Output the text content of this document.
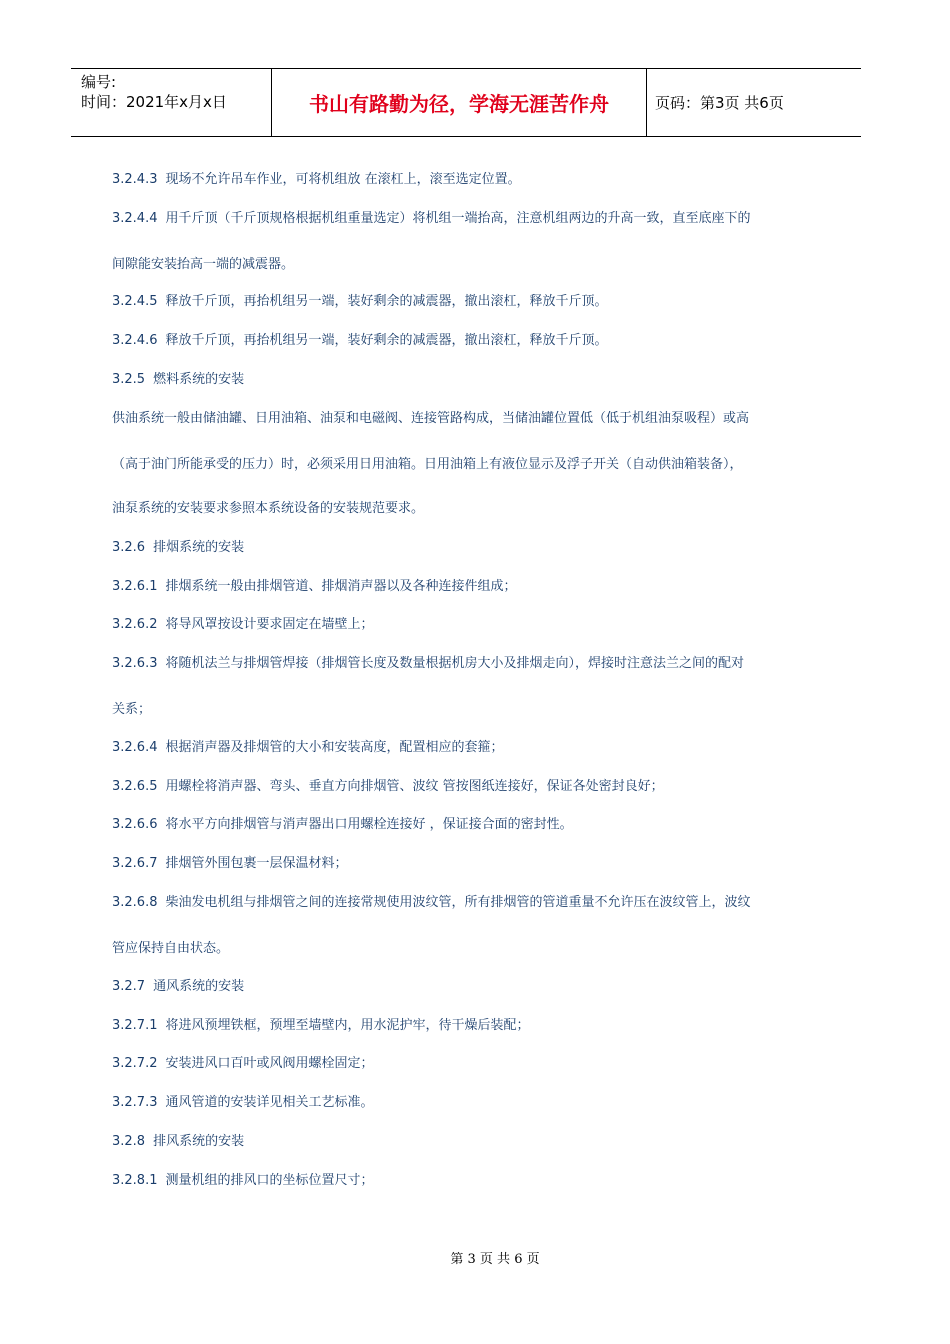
编号:
时间：2021年x月x日	书山有路勤为径，学海无涯苦作舟	页码：第3页 共6页
3.2.4.3 现场不允许吊车作业，可将机组放 在滚杠上，滚至选定位置。
3.2.4.4 用千斤顶（千斤顶规格根据机组重量选定）将机组一端抬高，注意机组两边的升高一致，直至底座下的
间隙能安装抬高一端的减震器。
3.2.4.5 释放千斤顶，再抬机组另一端，装好剩余的减震器，撤出滚杠，释放千斤顶。
3.2.4.6 释放千斤顶，再抬机组另一端，装好剩余的减震器，撤出滚杠，释放千斤顶。
3.2.5 燃料系统的安装
供油系统一般由储油罐、日用油箱、油泵和电磁阀、连接管路构成，当储油罐位置低（低于机组油泵吸程）或高
（高于油门所能承受的压力）时，必须采用日用油箱。日用油箱上有液位显示及浮子开关（自动供油箱装备），
油泵系统的安装要求参照本系统设备的安装规范要求。
3.2.6 排烟系统的安装
3.2.6.1 排烟系统一般由排烟管道、排烟消声器以及各种连接件组成；
3.2.6.2 将导风罩按设计要求固定在墙壁上；
3.2.6.3 将随机法兰与排烟管焊接（排烟管长度及数量根据机房大小及排烟走向），焊接时注意法兰之间的配对
关系；
3.2.6.4 根据消声器及排烟管的大小和安装高度，配置相应的套箍；
3.2.6.5 用螺栓将消声器、弯头、垂直方向排烟管、波纹 管按图纸连接好，保证各处密封良好；
3.2.6.6 将水平方向排烟管与消声器出口用螺栓连接好 ，保证接合面的密封性。
3.2.6.7 排烟管外围包裹一层保温材料；
3.2.6.8 柴油发电机组与排烟管之间的连接常规使用波纹管，所有排烟管的管道重量不允许压在波纹管上，波纹
管应保持自由状态。
3.2.7 通风系统的安装
3.2.7.1 将进风预埋铁框，预埋至墙壁内，用水泥护牢，待干燥后装配；
3.2.7.2 安装进风口百叶或风阀用螺栓固定；
3.2.7.3 通风管道的安装详见相关工艺标准。
3.2.8 排风系统的安装
3.2.8.1 测量机组的排风口的坐标位置尺寸；
第 3 页 共 6 页
